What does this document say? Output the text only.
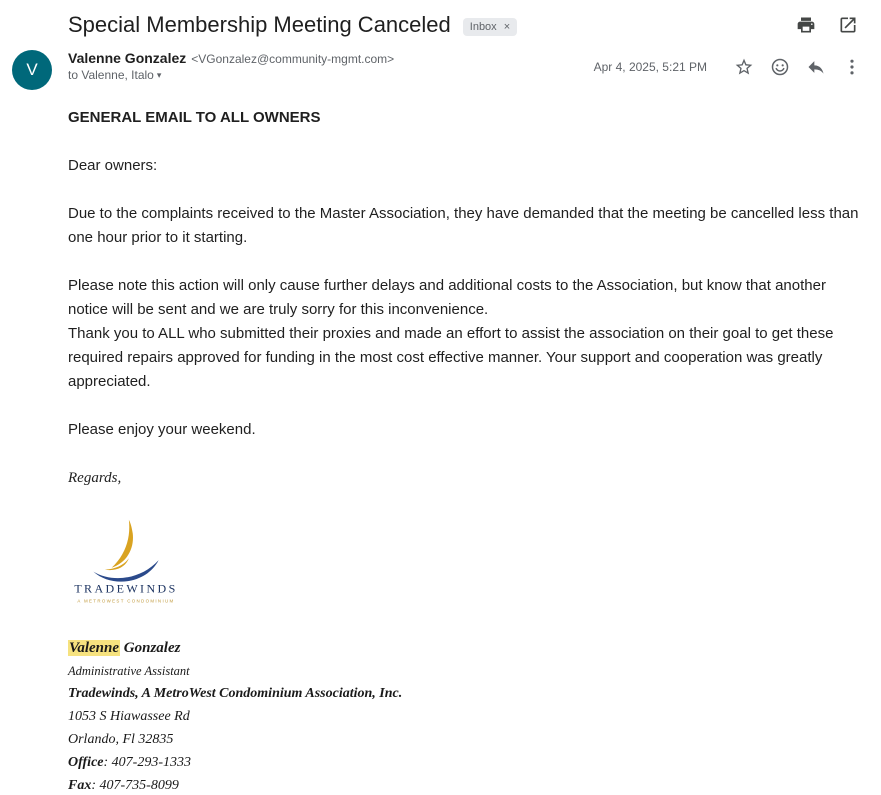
Special Membership Meeting Canceled Inbox ×
V
Valenne Gonzalez <VGonzalez@community-mgmt.com>
to Valenne, Italo ▾
Apr 4, 2025, 5:21 PM
GENERAL EMAIL TO ALL OWNERS
Dear owners:
Due to the complaints received to the Master Association, they have demanded that the meeting be cancelled less than one hour prior to it starting.
Please note this action will only cause further delays and additional costs to the Association, but know that another notice will be sent and we are truly sorry for this inconvenience.
Thank you to ALL who submitted their proxies and made an effort to assist the association on their goal to get these required repairs approved for funding in the most cost effective manner. Your support and cooperation was greatly appreciated.
Please enjoy your weekend.
Regards,
TRADEWINDS
A METROWEST CONDOMINIUM
Valenne Gonzalez
Administrative Assistant
Tradewinds, A MetroWest Condominium Association, Inc.
1053 S Hiawassee Rd
Orlando, Fl 32835
Office: 407-293-1333
Fax: 407-735-8099
